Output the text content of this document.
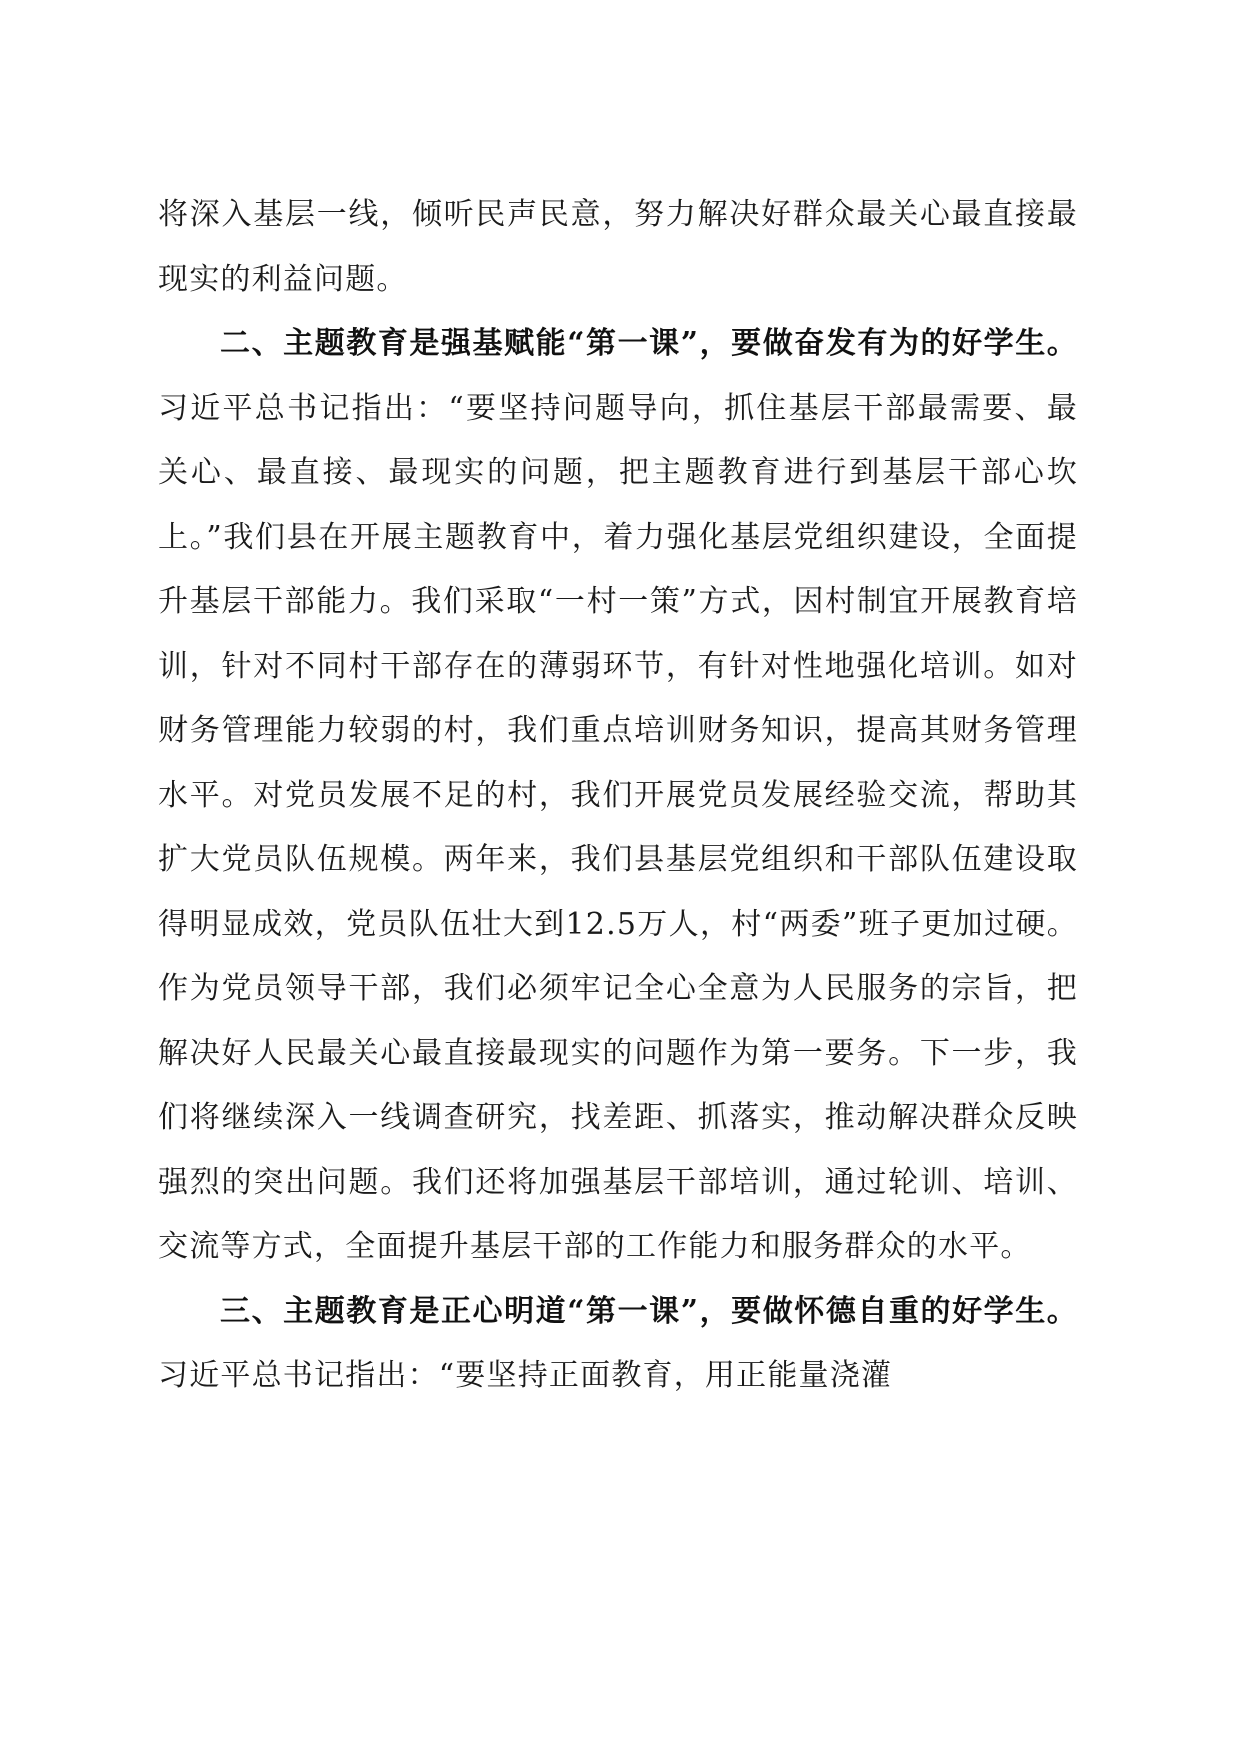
将深入基层一线，倾听民声民意，努力解决好群众最关心最直接最现实的利益问题。

二、主题教育是强基赋能“第一课”，要做奋发有为的好学生。习近平总书记指出：“要坚持问题导向，抓住基层干部最需要、最关心、最直接、最现实的问题，把主题教育进行到基层干部心坎上。”我们县在开展主题教育中，着力强化基层党组织建设，全面提升基层干部能力。我们采取“一村一策”方式，因村制宜开展教育培训，针对不同村干部存在的薄弱环节，有针对性地强化培训。如对财务管理能力较弱的村，我们重点培训财务知识，提高其财务管理水平。对党员发展不足的村，我们开展党员发展经验交流，帮助其扩大党员队伍规模。两年来，我们县基层党组织和干部队伍建设取得明显成效，党员队伍壮大到12.5万人，村“两委”班子更加过硬。作为党员领导干部，我们必须牢记全心全意为人民服务的宗旨，把解决好人民最关心最直接最现实的问题作为第一要务。下一步，我们将继续深入一线调查研究，找差距、抓落实，推动解决群众反映强烈的突出问题。我们还将加强基层干部培训，通过轮训、培训、交流等方式，全面提升基层干部的工作能力和服务群众的水平。

三、主题教育是正心明道“第一课”，要做怀德自重的好学生。习近平总书记指出：“要坚持正面教育，用正能量浇灌
